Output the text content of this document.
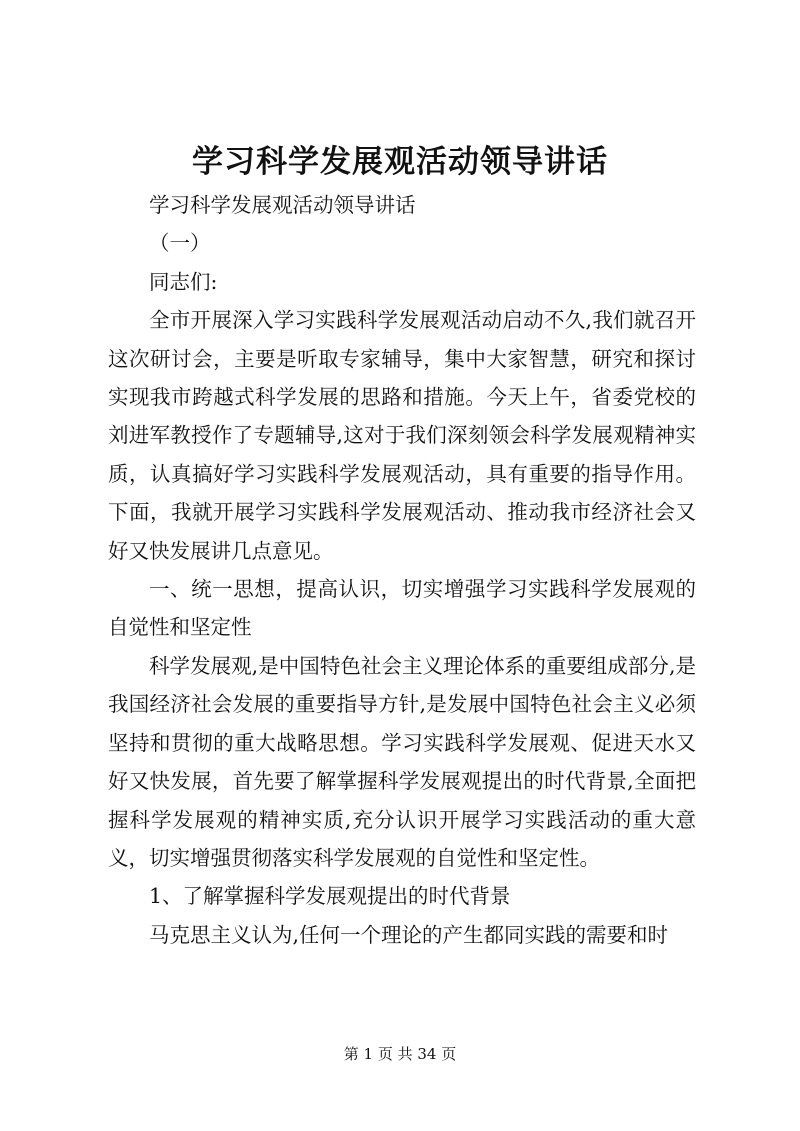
学习科学发展观活动领导讲话

学习科学发展观活动领导讲话

（一）

同志们:

全市开展深入学习实践科学发展观活动启动不久,我们就召开这次研讨会，主要是听取专家辅导，集中大家智慧，研究和探讨实现我市跨越式科学发展的思路和措施。今天上午，省委党校的刘进军教授作了专题辅导,这对于我们深刻领会科学发展观精神实质，认真搞好学习实践科学发展观活动，具有重要的指导作用。下面，我就开展学习实践科学发展观活动、推动我市经济社会又好又快发展讲几点意见。

一、统一思想，提高认识，切实增强学习实践科学发展观的自觉性和坚定性

科学发展观,是中国特色社会主义理论体系的重要组成部分,是我国经济社会发展的重要指导方针,是发展中国特色社会主义必须坚持和贯彻的重大战略思想。学习实践科学发展观、促进天水又好又快发展，首先要了解掌握科学发展观提出的时代背景,全面把握科学发展观的精神实质,充分认识开展学习实践活动的重大意义，切实增强贯彻落实科学发展观的自觉性和坚定性。

1、了解掌握科学发展观提出的时代背景

马克思主义认为,任何一个理论的产生都同实践的需要和时

第 1 页 共 34 页
